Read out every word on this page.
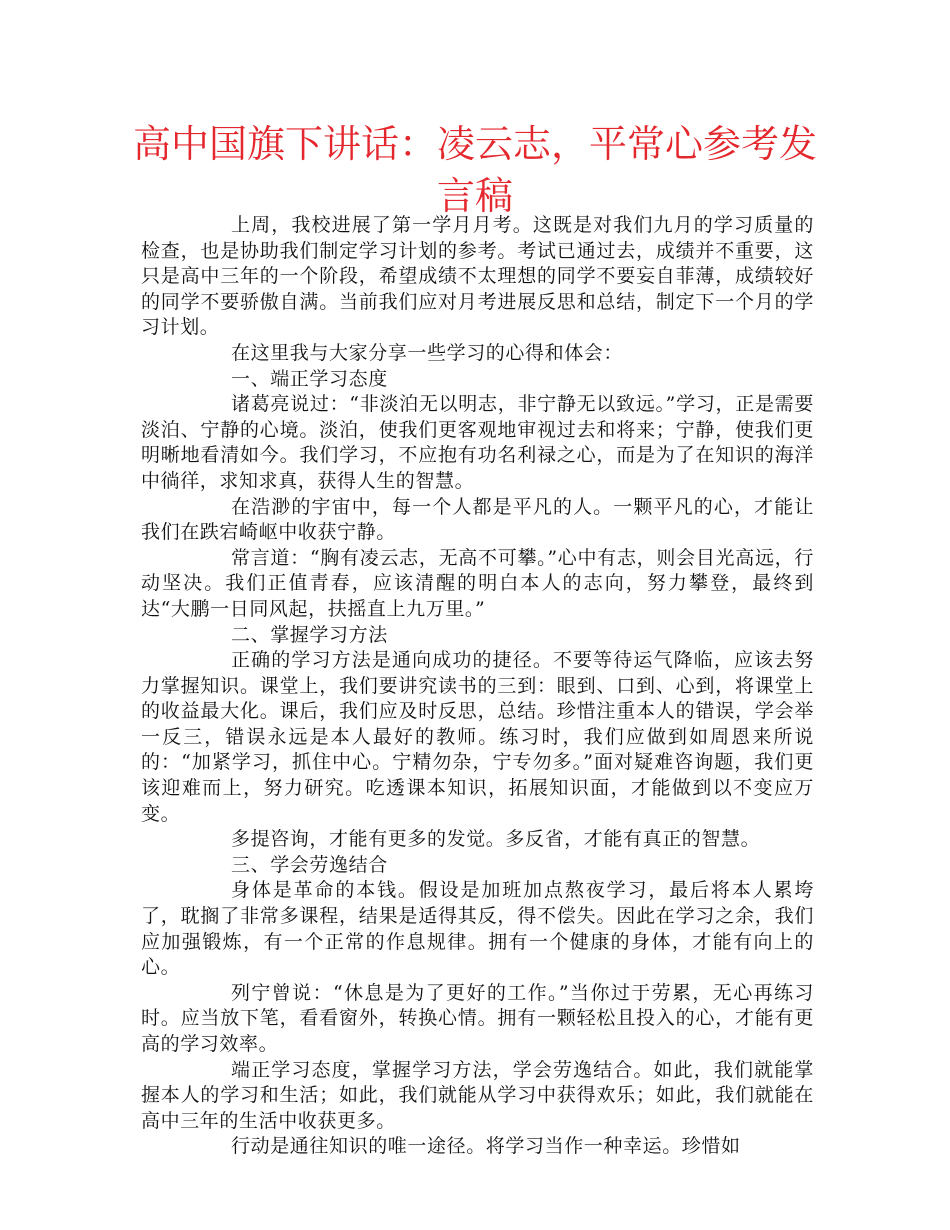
高中国旗下讲话：凌云志，平常心参考发言稿

上周，我校进展了第一学月月考。这既是对我们九月的学习质量的检查，也是协助我们制定学习计划的参考。考试已通过去，成绩并不重要，这只是高中三年的一个阶段，希望成绩不太理想的同学不要妄自菲薄，成绩较好的同学不要骄傲自满。当前我们应对月考进展反思和总结，制定下一个月的学习计划。

在这里我与大家分享一些学习的心得和体会：

一、端正学习态度

诸葛亮说过：“非淡泊无以明志，非宁静无以致远。”学习，正是需要淡泊、宁静的心境。淡泊，使我们更客观地审视过去和将来；宁静，使我们更明晰地看清如今。我们学习，不应抱有功名利禄之心，而是为了在知识的海洋中徜徉，求知求真，获得人生的智慧。

在浩渺的宇宙中，每一个人都是平凡的人。一颗平凡的心，才能让我们在跌宕崎岖中收获宁静。

常言道：“胸有凌云志，无高不可攀。”心中有志，则会目光高远，行动坚决。我们正值青春，应该清醒的明白本人的志向，努力攀登，最终到达“大鹏一日同风起，扶摇直上九万里。”

二、掌握学习方法

正确的学习方法是通向成功的捷径。不要等待运气降临，应该去努力掌握知识。课堂上，我们要讲究读书的三到：眼到、口到、心到，将课堂上的收益最大化。课后，我们应及时反思，总结。珍惜注重本人的错误，学会举一反三，错误永远是本人最好的教师。练习时，我们应做到如周恩来所说的：“加紧学习，抓住中心。宁精勿杂，宁专勿多。”面对疑难咨询题，我们更该迎难而上，努力研究。吃透课本知识，拓展知识面，才能做到以不变应万变。

多提咨询，才能有更多的发觉。多反省，才能有真正的智慧。

三、学会劳逸结合

身体是革命的本钱。假设是加班加点熬夜学习，最后将本人累垮了，耽搁了非常多课程，结果是适得其反，得不偿失。因此在学习之余，我们应加强锻炼，有一个正常的作息规律。拥有一个健康的身体，才能有向上的心。

列宁曾说：“休息是为了更好的工作。”当你过于劳累，无心再练习时。应当放下笔，看看窗外，转换心情。拥有一颗轻松且投入的心，才能有更高的学习效率。

端正学习态度，掌握学习方法，学会劳逸结合。如此，我们就能掌握本人的学习和生活；如此，我们就能从学习中获得欢乐；如此，我们就能在高中三年的生活中收获更多。

行动是通往知识的唯一途径。将学习当作一种幸运。珍惜如
